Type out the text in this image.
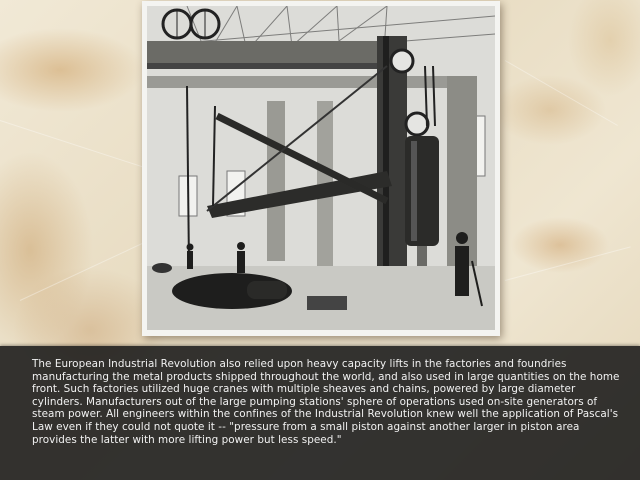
The European Industrial Revolution also relied upon heavy capacity lifts in the factories and foundries manufacturing the metal products shipped throughout the world, and also used in large quantities on the home front. Such factories utilized huge cranes with multiple sheaves and chains, powered by large diameter cylinders. Manufacturers out of the large pumping stations' sphere of operations used on-site generators of steam power. All engineers within the confines of the Industrial Revolution knew well the application of Pascal's Law even if they could not quote it -- "pressure from a small piston against another larger in piston area provides the latter with more lifting power but less speed."
